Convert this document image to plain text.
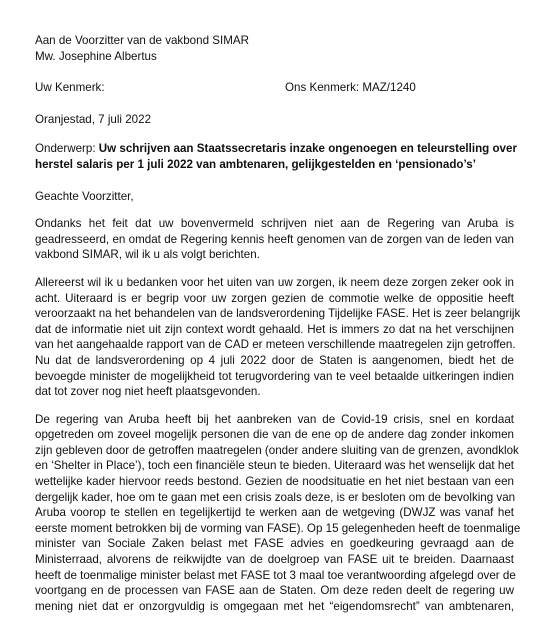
Aan de Voorzitter van de vakbond SIMAR

Mw. Josephine Albertus

Uw Kenmerk:	Ons Kenmerk: MAZ/1240

Oranjestad, 7 juli 2022

Onderwerp: Uw schrijven aan Staatssecretaris inzake ongenoegen en teleurstelling over

herstel salaris per 1 juli 2022 van ambtenaren, gelijkgestelden en ‘pensionado’s’

Geachte Voorzitter,

Ondanks het feit dat uw bovenvermeld schrijven niet aan de Regering van Aruba is
geadresseerd, en omdat de Regering kennis heeft genomen van de zorgen van de leden van
vakbond SIMAR, wil ik u als volgt berichten.
Allereerst wil ik u bedanken voor het uiten van uw zorgen, ik neem deze zorgen zeker ook in
acht. Uiteraard is er begrip voor uw zorgen gezien de commotie welke de oppositie heeft
veroorzaakt na het behandelen van de landsverordening Tijdelijke FASE. Het is zeer belangrijk
dat de informatie niet uit zijn context wordt gehaald. Het is immers zo dat na het verschijnen
van het aangehaalde rapport van de CAD er meteen verschillende maatregelen zijn getroffen.
Nu dat de landsverordening op 4 juli 2022 door de Staten is aangenomen, biedt het de
bevoegde minister de mogelijkheid tot terugvordering van te veel betaalde uitkeringen indien
dat tot zover nog niet heeft plaatsgevonden.
De regering van Aruba heeft bij het aanbreken van de Covid-19 crisis, snel en kordaat
opgetreden om zoveel mogelijk personen die van de ene op de andere dag zonder inkomen
zijn gebleven door de getroffen maatregelen (onder andere sluiting van de grenzen, avondklok
en ‘Shelter in Place’), toch een financiële steun te bieden. Uiteraard was het wenselijk dat het
wettelijke kader hiervoor reeds bestond. Gezien de noodsituatie en het niet bestaan van een
dergelijk kader, hoe om te gaan met een crisis zoals deze, is er besloten om de bevolking van
Aruba voorop te stellen en tegelijkertijd te werken aan de wetgeving (DWJZ was vanaf het
eerste moment betrokken bij de vorming van FASE). Op 15 gelegenheden heeft de toenmalige
minister van Sociale Zaken belast met FASE advies en goedkeuring gevraagd aan de
Ministerraad, alvorens de reikwijdte van de doelgroep van FASE uit te breiden. Daarnaast
heeft de toenmalige minister belast met FASE tot 3 maal toe verantwoording afgelegd over de
voortgang en de processen van FASE aan de Staten. Om deze reden deelt de regering uw
mening niet dat er onzorgvuldig is omgegaan met het “eigendomsrecht” van ambtenaren,
